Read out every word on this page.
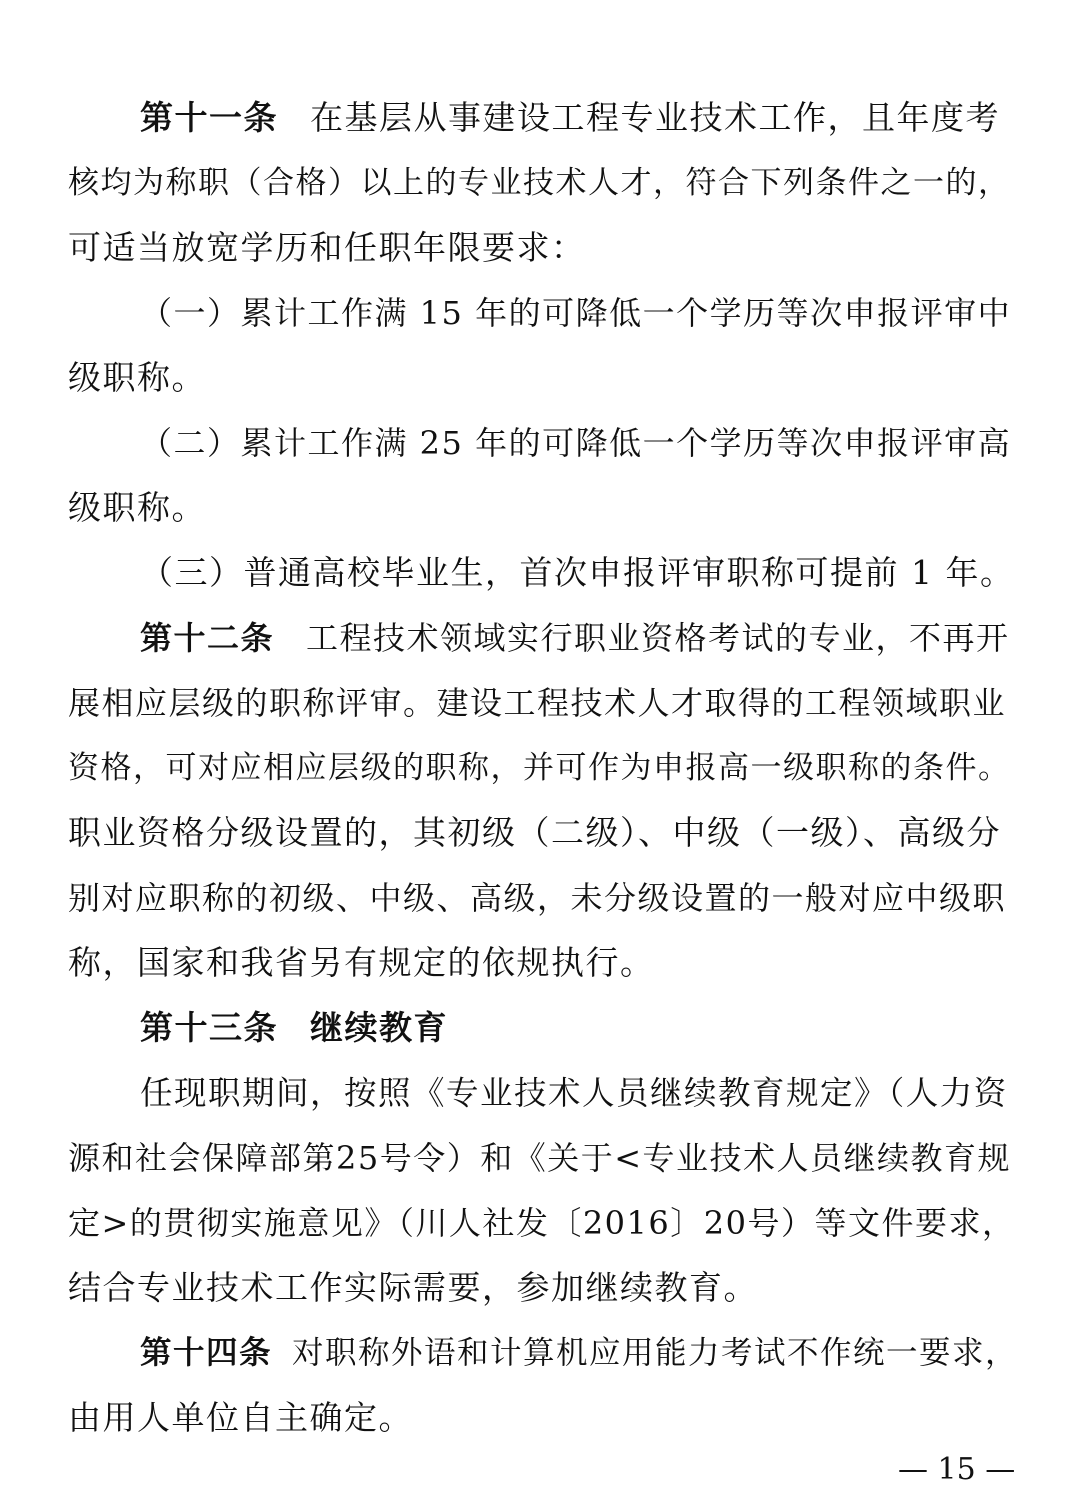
第十一条 在基层从事建设工程专业技术工作，且年度考
核均为称职（合格）以上的专业技术人才，符合下列条件之一的，
可适当放宽学历和任职年限要求：
（一）累计工作满 15 年的可降低一个学历等次申报评审中
级职称。
（二）累计工作满 25 年的可降低一个学历等次申报评审高
级职称。
（三）普通高校毕业生，首次申报评审职称可提前 1 年。
第十二条 工程技术领域实行职业资格考试的专业，不再开
展相应层级的职称评审。建设工程技术人才取得的工程领域职业
资格，可对应相应层级的职称，并可作为申报高一级职称的条件。
职业资格分级设置的，其初级（二级）、中级（一级）、高级分
别对应职称的初级、中级、高级，未分级设置的一般对应中级职
称，国家和我省另有规定的依规执行。
第十三条 继续教育
任现职期间，按照《专业技术人员继续教育规定》（人力资
源和社会保障部第25号令）和《关于<专业技术人员继续教育规
定>的贯彻实施意见》（川人社发〔2016〕20号）等文件要求，
结合专业技术工作实际需要，参加继续教育。
第十四条 对职称外语和计算机应用能力考试不作统一要求，
由用人单位自主确定。
— 15 —
